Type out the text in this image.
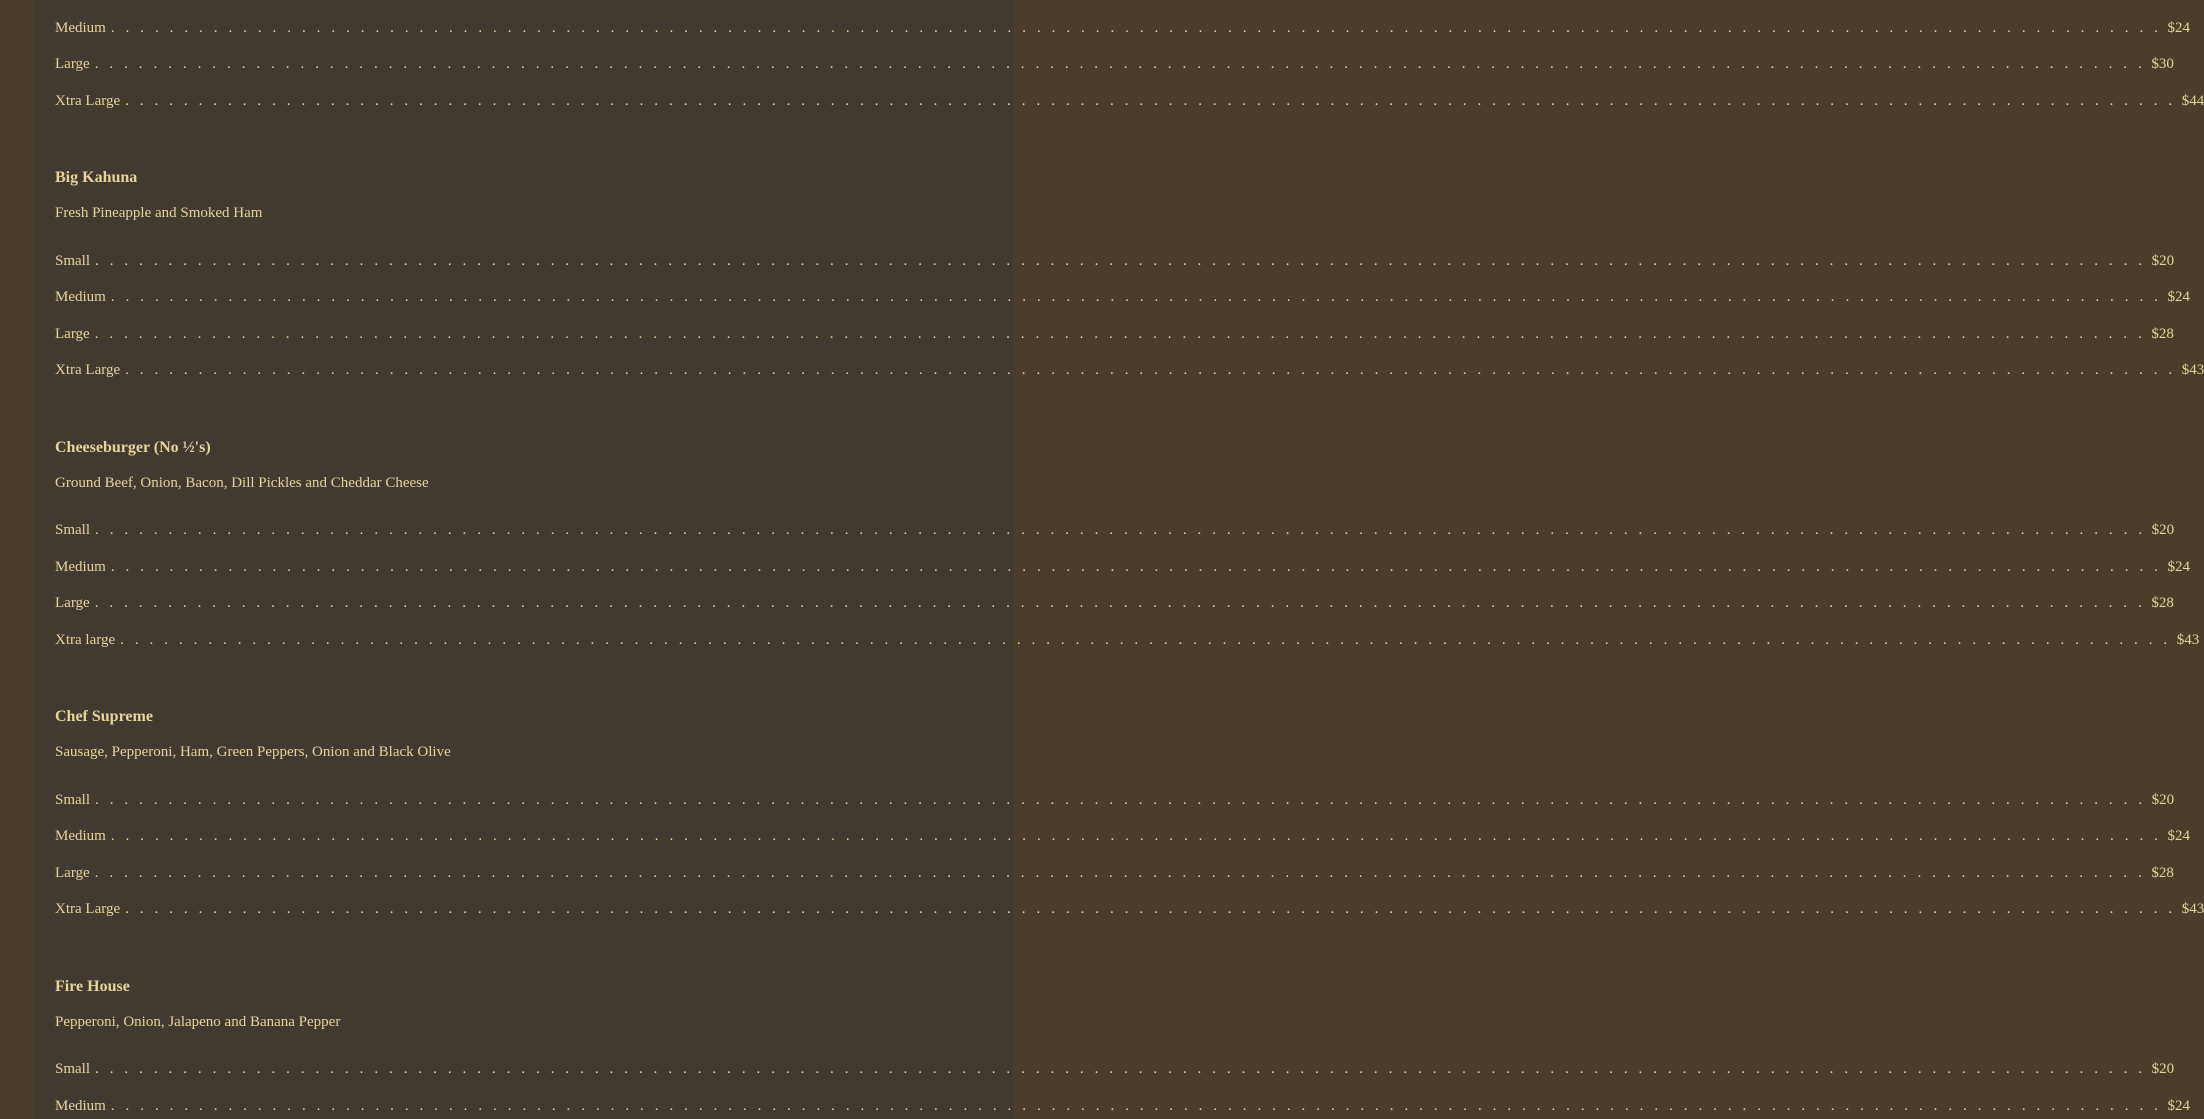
Medium . . . . . . . . . . . . . . . . . . . . . . . . . . . . . . . . . . . . . . . . . . . . . . . . . . . . . . . . . . . . . . . . . . . . . . . . . . . . . . . . . . . . . . . . . . . . . . . . . . . . . . . . . . . . . . . . . . . . . . . . . . . . . . . . . . . . . . . . . . . . $24
Large . . . . . . . . . . . . . . . . . . . . . . . . . . . . . . . . . . . . . . . . . . . . . . . . . . . . . . . . . . . . . . . . . . . . . . . . . . . . . . . . . . . . . . . . . . . . . . . . . . . . . . . . . . . . . . . . . . . . . . . . . . . . . . . . . . . . . . . . . . . . $30
Xtra Large . . . . . . . . . . . . . . . . . . . . . . . . . . . . . . . . . . . . . . . . . . . . . . . . . . . . . . . . . . . . . . . . . . . . . . . . . . . . . . . . . . . . . . . . . . . . . . . . . . . . . . . . . . . . . . . . . . . . . . . . . . . . . . . . . . . . . . . . . . . . $44
Big Kahuna
Fresh Pineapple and Smoked Ham
Small . . . . . . . . . . . . . . . . . . . . . . . . . . . . . . . . . . . . . . . . . . . . . . . . . . . . . . . . . . . . . . . . . . . . . . . . . . . . . . . . . . . . . . . . . . . . . . . . . . . . . . . . . . . . . . . . . . . . . . . . . . . . . . . . . . . . . . . . . . . . $20
Medium . . . . . . . . . . . . . . . . . . . . . . . . . . . . . . . . . . . . . . . . . . . . . . . . . . . . . . . . . . . . . . . . . . . . . . . . . . . . . . . . . . . . . . . . . . . . . . . . . . . . . . . . . . . . . . . . . . . . . . . . . . . . . . . . . . . . . . . . . . . . $24
Large . . . . . . . . . . . . . . . . . . . . . . . . . . . . . . . . . . . . . . . . . . . . . . . . . . . . . . . . . . . . . . . . . . . . . . . . . . . . . . . . . . . . . . . . . . . . . . . . . . . . . . . . . . . . . . . . . . . . . . . . . . . . . . . . . . . . . . . . . . . . $28
Xtra Large . . . . . . . . . . . . . . . . . . . . . . . . . . . . . . . . . . . . . . . . . . . . . . . . . . . . . . . . . . . . . . . . . . . . . . . . . . . . . . . . . . . . . . . . . . . . . . . . . . . . . . . . . . . . . . . . . . . . . . . . . . . . . . . . . . . . . . . . . . . . $43
Cheeseburger (No ½'s)
Ground Beef, Onion, Bacon, Dill Pickles and Cheddar Cheese
Small . . . . . . . . . . . . . . . . . . . . . . . . . . . . . . . . . . . . . . . . . . . . . . . . . . . . . . . . . . . . . . . . . . . . . . . . . . . . . . . . . . . . . . . . . . . . . . . . . . . . . . . . . . . . . . . . . . . . . . . . . . . . . . . . . . . . . . . . . . . . $20
Medium . . . . . . . . . . . . . . . . . . . . . . . . . . . . . . . . . . . . . . . . . . . . . . . . . . . . . . . . . . . . . . . . . . . . . . . . . . . . . . . . . . . . . . . . . . . . . . . . . . . . . . . . . . . . . . . . . . . . . . . . . . . . . . . . . . . . . . . . . . . . $24
Large . . . . . . . . . . . . . . . . . . . . . . . . . . . . . . . . . . . . . . . . . . . . . . . . . . . . . . . . . . . . . . . . . . . . . . . . . . . . . . . . . . . . . . . . . . . . . . . . . . . . . . . . . . . . . . . . . . . . . . . . . . . . . . . . . . . . . . . . . . . . $28
Xtra large . . . . . . . . . . . . . . . . . . . . . . . . . . . . . . . . . . . . . . . . . . . . . . . . . . . . . . . . . . . . . . . . . . . . . . . . . . . . . . . . . . . . . . . . . . . . . . . . . . . . . . . . . . . . . . . . . . . . . . . . . . . . . . . . . . . . . . . . . . . . $43
Chef Supreme
Sausage, Pepperoni, Ham, Green Peppers, Onion and Black Olive
Small . . . . . . . . . . . . . . . . . . . . . . . . . . . . . . . . . . . . . . . . . . . . . . . . . . . . . . . . . . . . . . . . . . . . . . . . . . . . . . . . . . . . . . . . . . . . . . . . . . . . . . . . . . . . . . . . . . . . . . . . . . . . . . . . . . . . . . . . . . . . $20
Medium . . . . . . . . . . . . . . . . . . . . . . . . . . . . . . . . . . . . . . . . . . . . . . . . . . . . . . . . . . . . . . . . . . . . . . . . . . . . . . . . . . . . . . . . . . . . . . . . . . . . . . . . . . . . . . . . . . . . . . . . . . . . . . . . . . . . . . . . . . . . $24
Large . . . . . . . . . . . . . . . . . . . . . . . . . . . . . . . . . . . . . . . . . . . . . . . . . . . . . . . . . . . . . . . . . . . . . . . . . . . . . . . . . . . . . . . . . . . . . . . . . . . . . . . . . . . . . . . . . . . . . . . . . . . . . . . . . . . . . . . . . . . . $28
Xtra Large . . . . . . . . . . . . . . . . . . . . . . . . . . . . . . . . . . . . . . . . . . . . . . . . . . . . . . . . . . . . . . . . . . . . . . . . . . . . . . . . . . . . . . . . . . . . . . . . . . . . . . . . . . . . . . . . . . . . . . . . . . . . . . . . . . . . . . . . . . . . $43
Fire House
Pepperoni, Onion, Jalapeno and Banana Pepper
Small . . . . . . . . . . . . . . . . . . . . . . . . . . . . . . . . . . . . . . . . . . . . . . . . . . . . . . . . . . . . . . . . . . . . . . . . . . . . . . . . . . . . . . . . . . . . . . . . . . . . . . . . . . . . . . . . . . . . . . . . . . . . . . . . . . . . . . . . . . . . $20
Medium . . . . . . . . . . . . . . . . . . . . . . . . . . . . . . . . . . . . . . . . . . . . . . . . . . . . . . . . . . . . . . . . . . . . . . . . . . . . . . . . . . . . . . . . . . . . . . . . . . . . . . . . . . . . . . . . . . . . . . . . . . . . . . . . . . . . . . . . . . . . $24
